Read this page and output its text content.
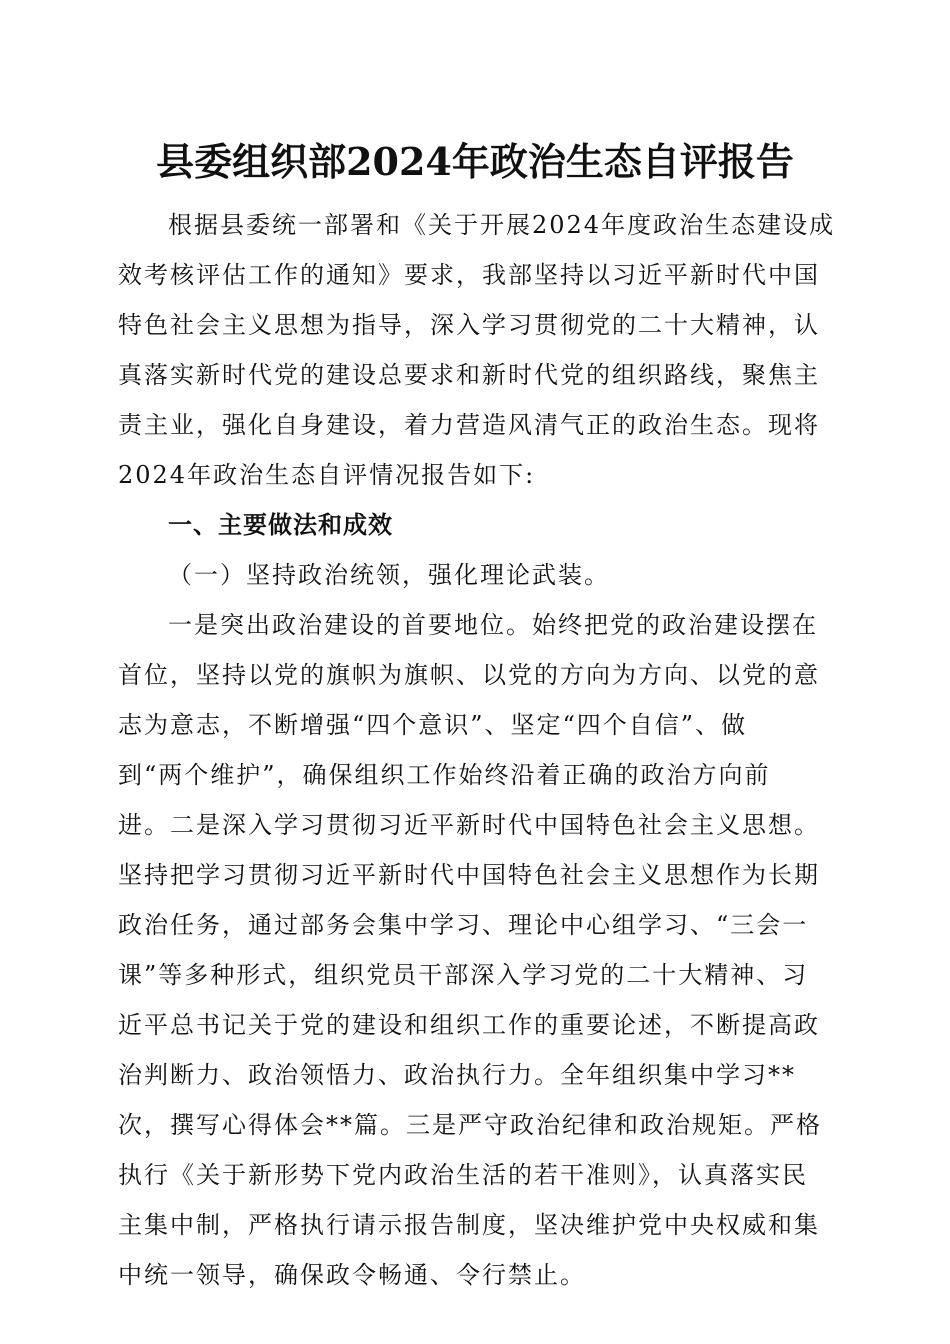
县委组织部2024年政治生态自评报告
根据县委统一部署和《关于开展2024年度政治生态建设成
效考核评估工作的通知》要求，我部坚持以习近平新时代中国
特色社会主义思想为指导，深入学习贯彻党的二十大精神，认
真落实新时代党的建设总要求和新时代党的组织路线，聚焦主
责主业，强化自身建设，着力营造风清气正的政治生态。现将
2024年政治生态自评情况报告如下:
一、主要做法和成效
（一）坚持政治统领，强化理论武装。
一是突出政治建设的首要地位。始终把党的政治建设摆在
首位，坚持以党的旗帜为旗帜、以党的方向为方向、以党的意
志为意志，不断增强“四个意识”、坚定“四个自信”、做
到“两个维护”，确保组织工作始终沿着正确的政治方向前
进。二是深入学习贯彻习近平新时代中国特色社会主义思想。
坚持把学习贯彻习近平新时代中国特色社会主义思想作为长期
政治任务，通过部务会集中学习、理论中心组学习、“三会一
课”等多种形式，组织党员干部深入学习党的二十大精神、习
近平总书记关于党的建设和组织工作的重要论述，不断提高政
治判断力、政治领悟力、政治执行力。全年组织集中学习**
次，撰写心得体会**篇。三是严守政治纪律和政治规矩。严格
执行《关于新形势下党内政治生活的若干准则》，认真落实民
主集中制，严格执行请示报告制度，坚决维护党中央权威和集
中统一领导，确保政令畅通、令行禁止。
